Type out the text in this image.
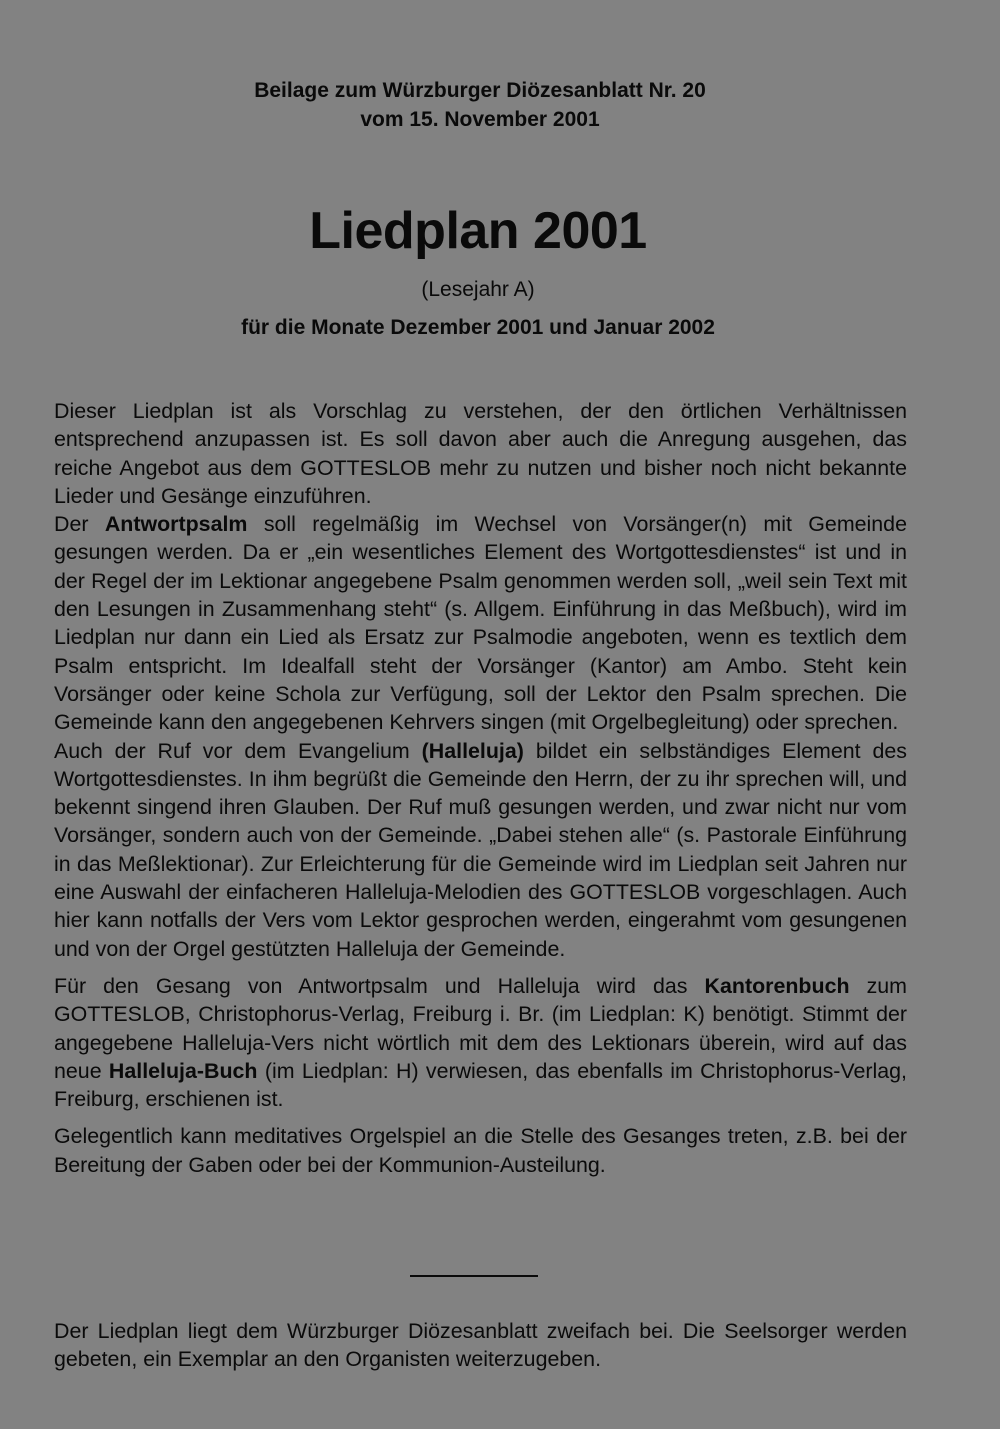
Beilage zum Würzburger Diözesanblatt Nr. 20
vom 15. November 2001
Liedplan 2001
(Lesejahr A)
für die Monate Dezember 2001 und Januar 2002

Dieser Liedplan ist als Vorschlag zu verstehen, der den örtlichen Verhältnissen entsprechend anzupassen ist. Es soll davon aber auch die Anregung ausgehen, das reiche Angebot aus dem GOTTESLOB mehr zu nutzen und bisher noch nicht bekannte Lieder und Gesänge einzuführen.

Der Antwortpsalm soll regelmäßig im Wechsel von Vorsänger(n) mit Gemeinde gesungen werden. Da er „ein wesentliches Element des Wortgottesdienstes“ ist und in der Regel der im Lektionar angegebene Psalm genommen werden soll, „weil sein Text mit den Lesungen in Zusammenhang steht“ (s. Allgem. Einführung in das Meßbuch), wird im Liedplan nur dann ein Lied als Ersatz zur Psalmodie angeboten, wenn es textlich dem Psalm entspricht. Im Idealfall steht der Vorsänger (Kantor) am Ambo. Steht kein Vorsänger oder keine Schola zur Verfügung, soll der Lektor den Psalm sprechen. Die Gemeinde kann den angegebenen Kehrvers singen (mit Orgelbegleitung) oder sprechen.

Auch der Ruf vor dem Evangelium (Halleluja) bildet ein selbständiges Element des Wortgottesdienstes. In ihm begrüßt die Gemeinde den Herrn, der zu ihr sprechen will, und bekennt singend ihren Glauben. Der Ruf muß gesungen werden, und zwar nicht nur vom Vorsänger, sondern auch von der Gemeinde. „Dabei stehen alle“ (s. Pastorale Einführung in das Meßlektionar). Zur Erleichterung für die Gemeinde wird im Liedplan seit Jahren nur eine Auswahl der einfacheren Halleluja-Melodien des GOTTESLOB vorgeschlagen. Auch hier kann notfalls der Vers vom Lektor gesprochen werden, eingerahmt vom gesungenen und von der Orgel gestützten Halleluja der Gemeinde.

Für den Gesang von Antwortpsalm und Halleluja wird das Kantorenbuch zum GOTTESLOB, Christophorus-Verlag, Freiburg i. Br. (im Liedplan: K) benötigt. Stimmt der angegebene Halleluja-Vers nicht wörtlich mit dem des Lektionars überein, wird auf das neue Halleluja-Buch (im Liedplan: H) verwiesen, das ebenfalls im Christophorus-Verlag, Freiburg, erschienen ist.

Gelegentlich kann meditatives Orgelspiel an die Stelle des Gesanges treten, z.B. bei der Bereitung der Gaben oder bei der Kommunion-Austeilung.

Der Liedplan liegt dem Würzburger Diözesanblatt zweifach bei. Die Seelsorger werden gebeten, ein Exemplar an den Organisten weiterzugeben.
